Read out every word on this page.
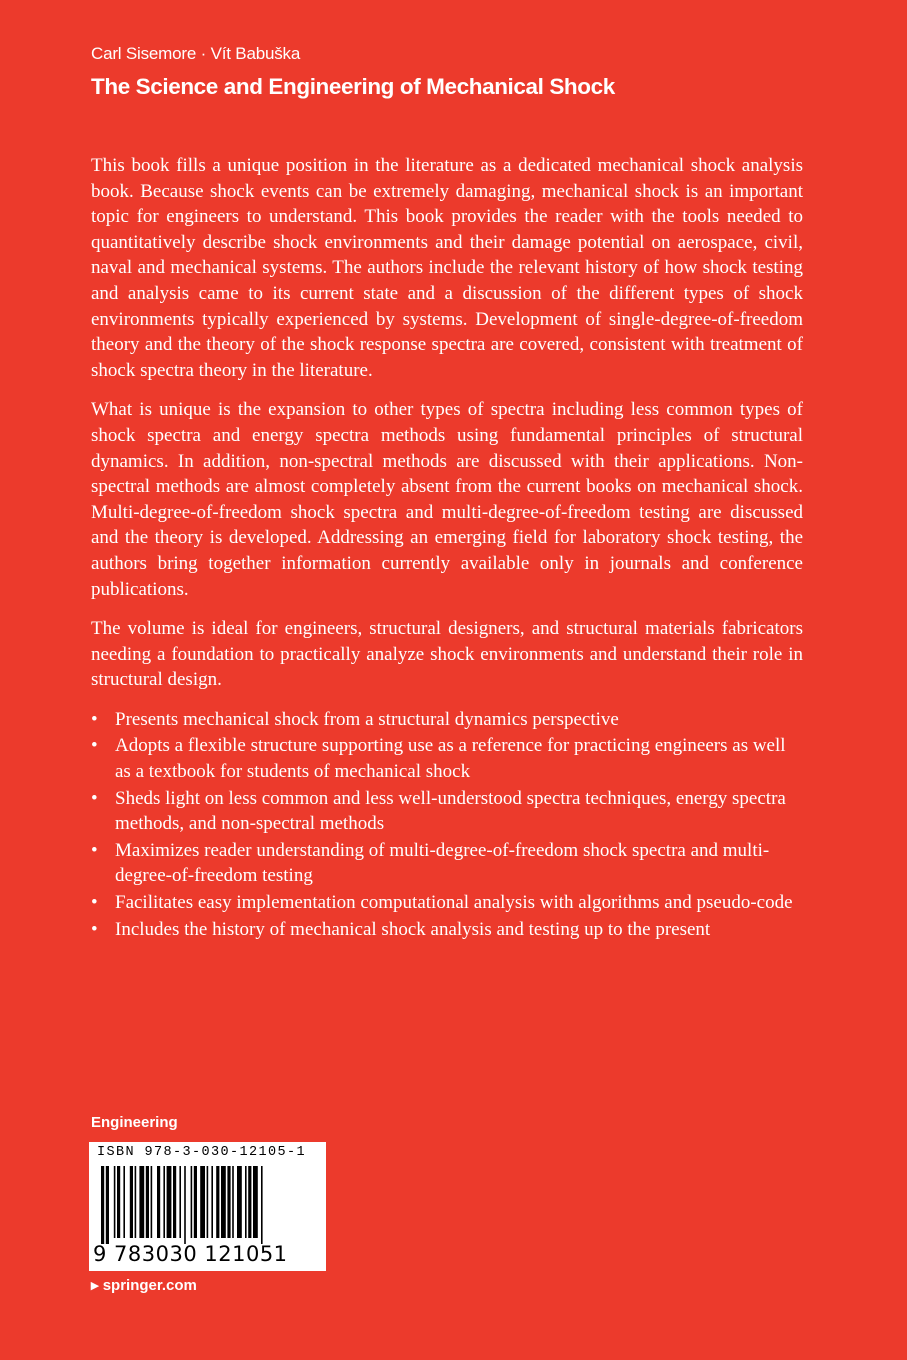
Carl Sisemore · Vít Babuška
The Science and Engineering of Mechanical Shock

This book fills a unique position in the literature as a dedicated mechanical shock analysis book. Because shock events can be extremely damaging, mechanical shock is an important topic for engineers to understand. This book provides the reader with the tools needed to quantitatively describe shock environments and their damage potential on aerospace, civil, naval and mechanical systems. The authors include the relevant history of how shock testing and analysis came to its current state and a discussion of the different types of shock environments typically experienced by systems. Development of single-degree-of-freedom theory and the theory of the shock response spectra are covered, consistent with treatment of shock spectra theory in the literature.

What is unique is the expansion to other types of spectra including less common types of shock spectra and energy spectra methods using fundamental principles of structural dynamics. In addition, non-spectral methods are discussed with their applications. Non-spectral methods are almost completely absent from the current books on mechanical shock. Multi-degree-of-freedom shock spectra and multi-degree-of-freedom testing are discussed and the theory is developed. Addressing an emerging field for laboratory shock testing, the authors bring together information currently available only in journals and conference publications.

The volume is ideal for engineers, structural designers, and structural materials fabricators needing a foundation to practically analyze shock environments and understand their role in structural design.

• Presents mechanical shock from a structural dynamics perspective
• Adopts a flexible structure supporting use as a reference for practicing engineers as well as a textbook for students of mechanical shock
• Sheds light on less common and less well-understood spectra techniques, energy spectra methods, and non-spectral methods
• Maximizes reader understanding of multi-degree-of-freedom shock spectra and multi-degree-of-freedom testing
• Facilitates easy implementation computational analysis with algorithms and pseudo-code
• Includes the history of mechanical shock analysis and testing up to the present
Engineering
ISBN 978-3-030-12105-1
9 783030 121051
▸ springer.com
